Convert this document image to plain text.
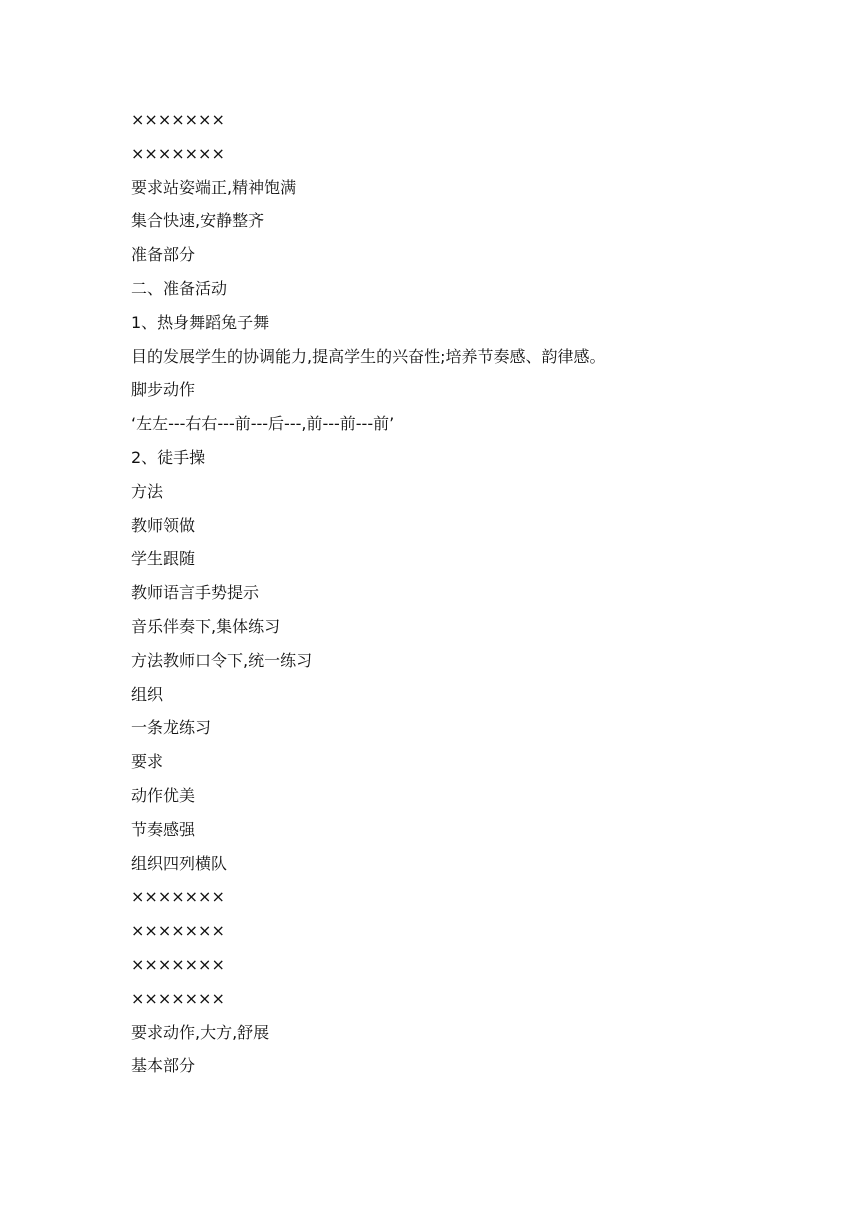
×××××××
×××××××
要求站姿端正,精神饱满
集合快速,安静整齐
准备部分
二、准备活动
1、热身舞蹈兔子舞
目的发展学生的协调能力,提高学生的兴奋性;培养节奏感、韵律感。
脚步动作
‘左左---右右---前---后---,前---前---前’
2、徒手操
方法
教师领做
学生跟随
教师语言手势提示
音乐伴奏下,集体练习
方法教师口令下,统一练习
组织
一条龙练习
要求
动作优美
节奏感强
组织四列横队
×××××××
×××××××
×××××××
×××××××
要求动作,大方,舒展
基本部分
